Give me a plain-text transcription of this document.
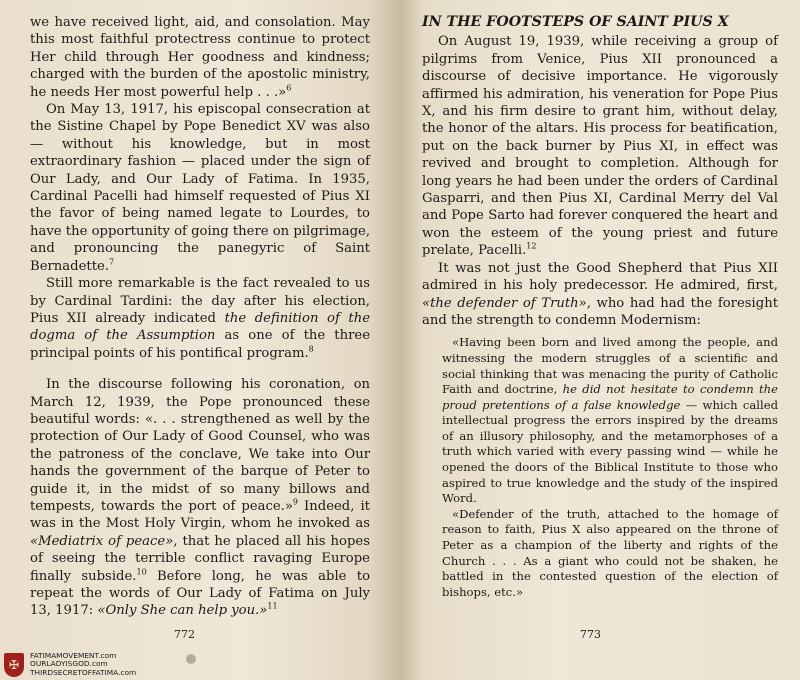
we have received light, aid, and consolation. May this most faithful protectress continue to protect Her child through Her goodness and kindness; charged with the burden of the apostolic ministry, he needs Her most powerful help . . .»$^6$

On May 13, 1917, his episcopal consecration at the Sistine Chapel by Pope Benedict XV was also — without his knowledge, but in most extraordinary fashion — placed under the sign of Our Lady, and Our Lady of Fatima. In 1935, Cardinal Pacelli had himself requested of Pius XI the favor of being named legate to Lourdes, to have the opportunity of going there on pilgrimage, and pronouncing the panegyric of Saint Bernadette.$^7$

Still more remarkable is the fact revealed to us by Cardinal Tardini: the day after his election, Pius XII already indicated the definition of the dogma of the Assumption as one of the three principal points of his pontifical program.$^8$

In the discourse following his coronation, on March 12, 1939, the Pope pronounced these beautiful words: «. . . strengthened as well by the protection of Our Lady of Good Counsel, who was the patroness of the conclave, We take into Our hands the government of the barque of Peter to guide it, in the midst of so many billows and tempests, towards the port of peace.»$^9$ Indeed, it was in the Most Holy Virgin, whom he invoked as «Mediatrix of peace», that he placed all his hopes of seeing the terrible conflict ravaging Europe finally subside.$^{10}$ Before long, he was able to repeat the words of Our Lady of Fatima on July 13, 1917: «Only She can help you.»$^{11}$

772
✠
FATIMAMOVEMENT.com
OURLADYISGOD.com
THIRDSECRETOFFATIMA.com
IN THE FOOTSTEPS OF SAINT PIUS X

On August 19, 1939, while receiving a group of pilgrims from Venice, Pius XII pronounced a discourse of decisive importance. He vigorously affirmed his admiration, his veneration for Pope Pius X, and his firm desire to grant him, without delay, the honor of the altars. His process for beatification, put on the back burner by Pius XI, in effect was revived and brought to completion. Although for long years he had been under the orders of Cardinal Gasparri, and then Pius XI, Cardinal Merry del Val and Pope Sarto had forever conquered the heart and won the esteem of the young priest and future prelate, Pacelli.$^{12}$

It was not just the Good Shepherd that Pius XII admired in his holy predecessor. He admired, first, «the defender of Truth», who had had the foresight and the strength to condemn Modernism:

«Having been born and lived among the people, and witnessing the modern struggles of a scientific and social thinking that was menacing the purity of Catholic Faith and doctrine, he did not hesitate to condemn the proud pretentions of a false knowledge — which called intellectual progress the errors inspired by the dreams of an illusory philosophy, and the metamorphoses of a truth which varied with every passing wind — while he opened the doors of the Biblical Institute to those who aspired to true knowledge and the study of the inspired Word.

«Defender of the truth, attached to the homage of reason to faith, Pius X also appeared on the throne of Peter as a champion of the liberty and rights of the Church . . . As a giant who could not be shaken, he battled in the contested question of the election of bishops, etc.»

773
